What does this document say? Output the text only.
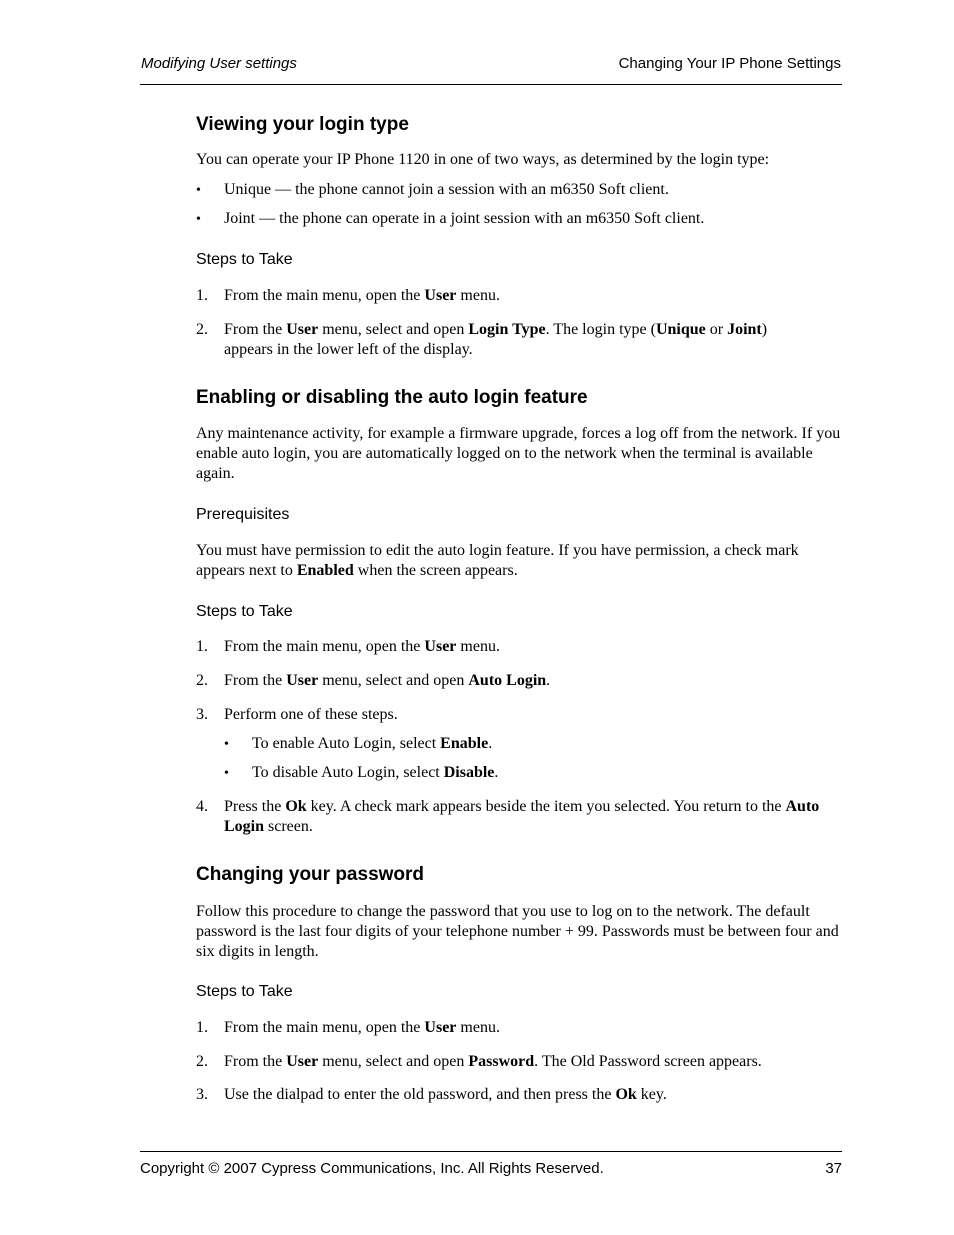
Modifying User settings	Changing Your IP Phone Settings
Viewing your login type
You can operate your IP Phone 1120 in one of two ways, as determined by the login type:
•
Unique — the phone cannot join a session with an m6350 Soft client.
•
Joint — the phone can operate in a joint session with an m6350 Soft client.
Steps to Take
1. From the main menu, open the User menu.
2. From the User menu, select and open Login Type. The login type (Unique or Joint)
appears in the lower left of the display.
Enabling or disabling the auto login feature
Any maintenance activity, for example a firmware upgrade, forces a log off from the network. If you enable auto login, you are automatically logged on to the network when the terminal is available again.
Prerequisites
You must have permission to edit the auto login feature. If you have permission, a check mark appears next to Enabled when the screen appears.
Steps to Take
1. From the main menu, open the User menu.
2. From the User menu, select and open Auto Login.
3. Perform one of these steps.
•
To enable Auto Login, select Enable.
•
To disable Auto Login, select Disable.
4. Press the Ok key. A check mark appears beside the item you selected. You return to the Auto Login screen.
Changing your password
Follow this procedure to change the password that you use to log on to the network. The default password is the last four digits of your telephone number + 99. Passwords must be between four and six digits in length.
Steps to Take
1. From the main menu, open the User menu.
2. From the User menu, select and open Password. The Old Password screen appears.
3. Use the dialpad to enter the old password, and then press the Ok key.
Copyright © 2007 Cypress Communications, Inc. All Rights Reserved.	37
